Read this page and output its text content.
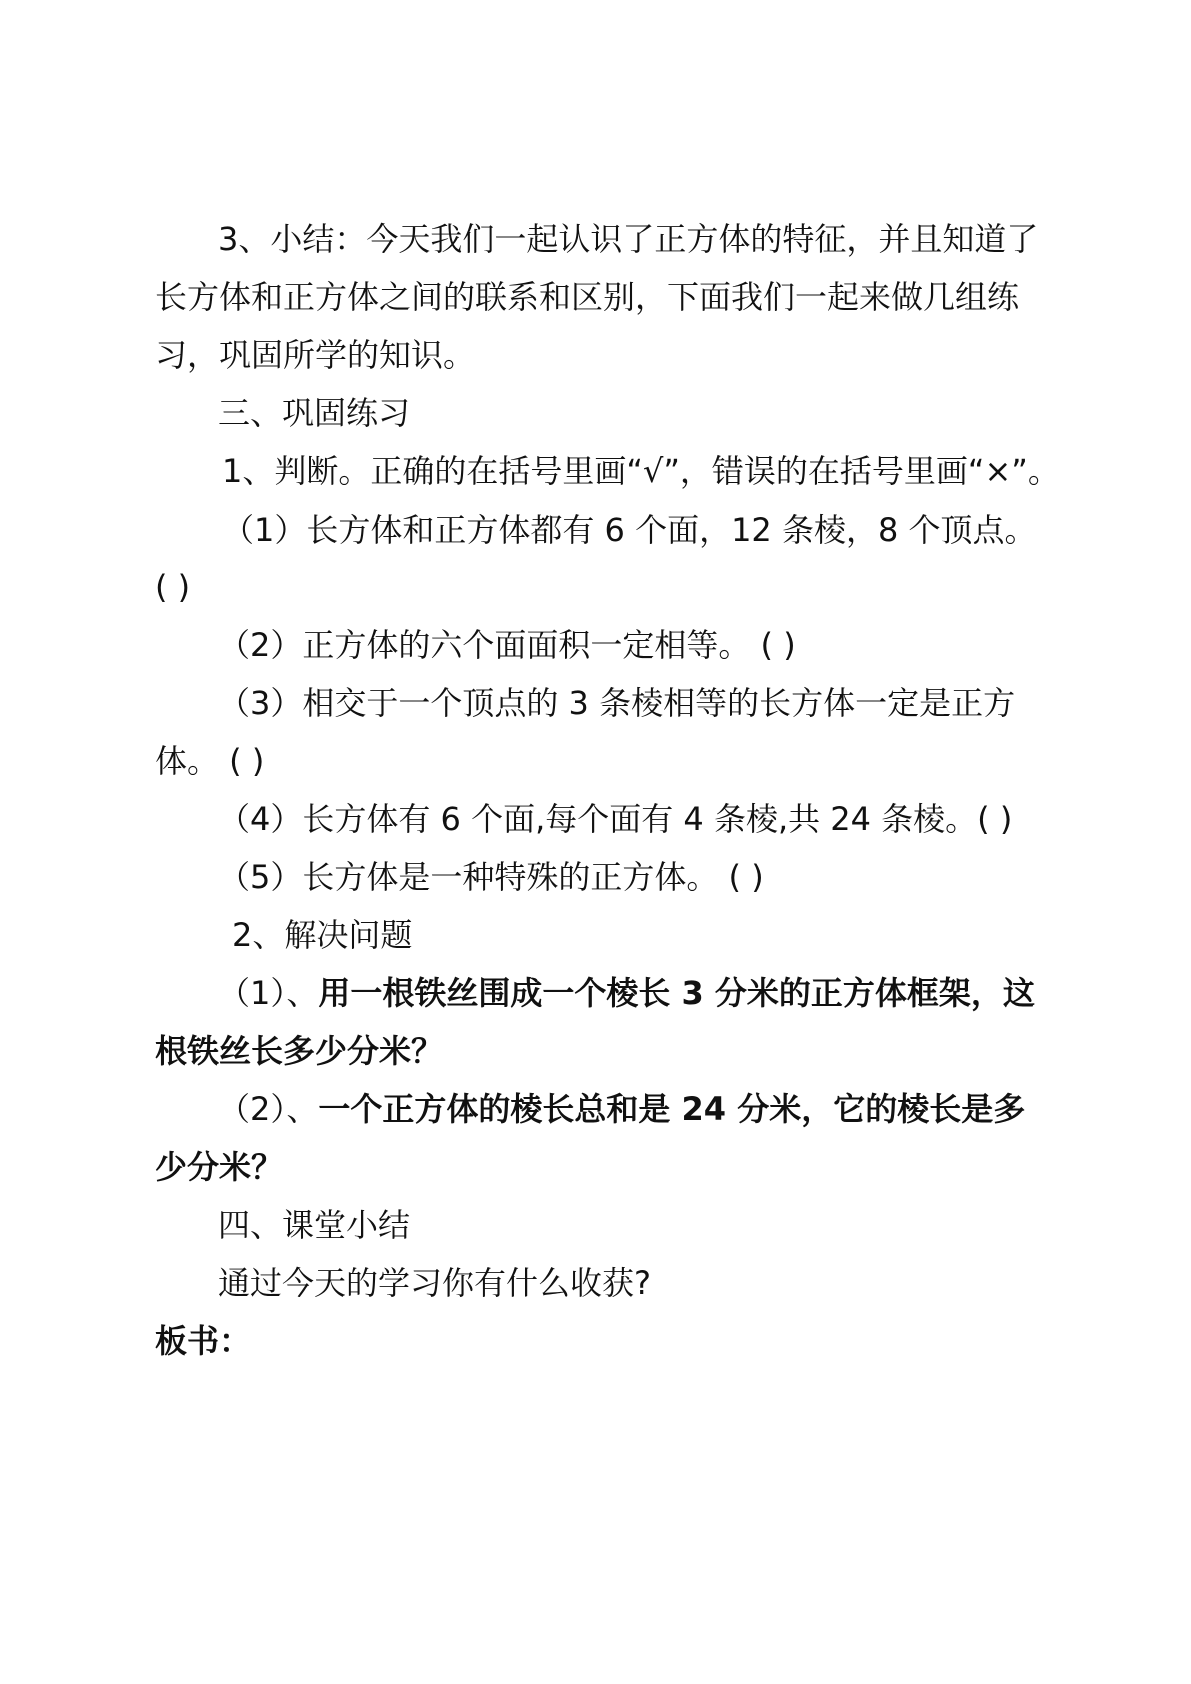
3、小结：今天我们一起认识了正方体的特征，并且知道了
长方体和正方体之间的联系和区别，下面我们一起来做几组练
习，巩固所学的知识。
三、巩固练习
1、判断。正确的在括号里画“√”，错误的在括号里画“×”。
（1）长方体和正方体都有 6 个面，12 条棱，8 个顶点。
( )
（2）正方体的六个面面积一定相等。 ( )
（3）相交于一个顶点的 3 条棱相等的长方体一定是正方
体。 ( )
（4）长方体有 6 个面,每个面有 4 条棱,共 24 条棱。( )
（5）长方体是一种特殊的正方体。 ( )
2、解决问题
（1）、用一根铁丝围成一个棱长 3 分米的正方体框架，这
根铁丝长多少分米？
（2）、一个正方体的棱长总和是 24 分米，它的棱长是多
少分米？
四、课堂小结
通过今天的学习你有什么收获?
板书：
